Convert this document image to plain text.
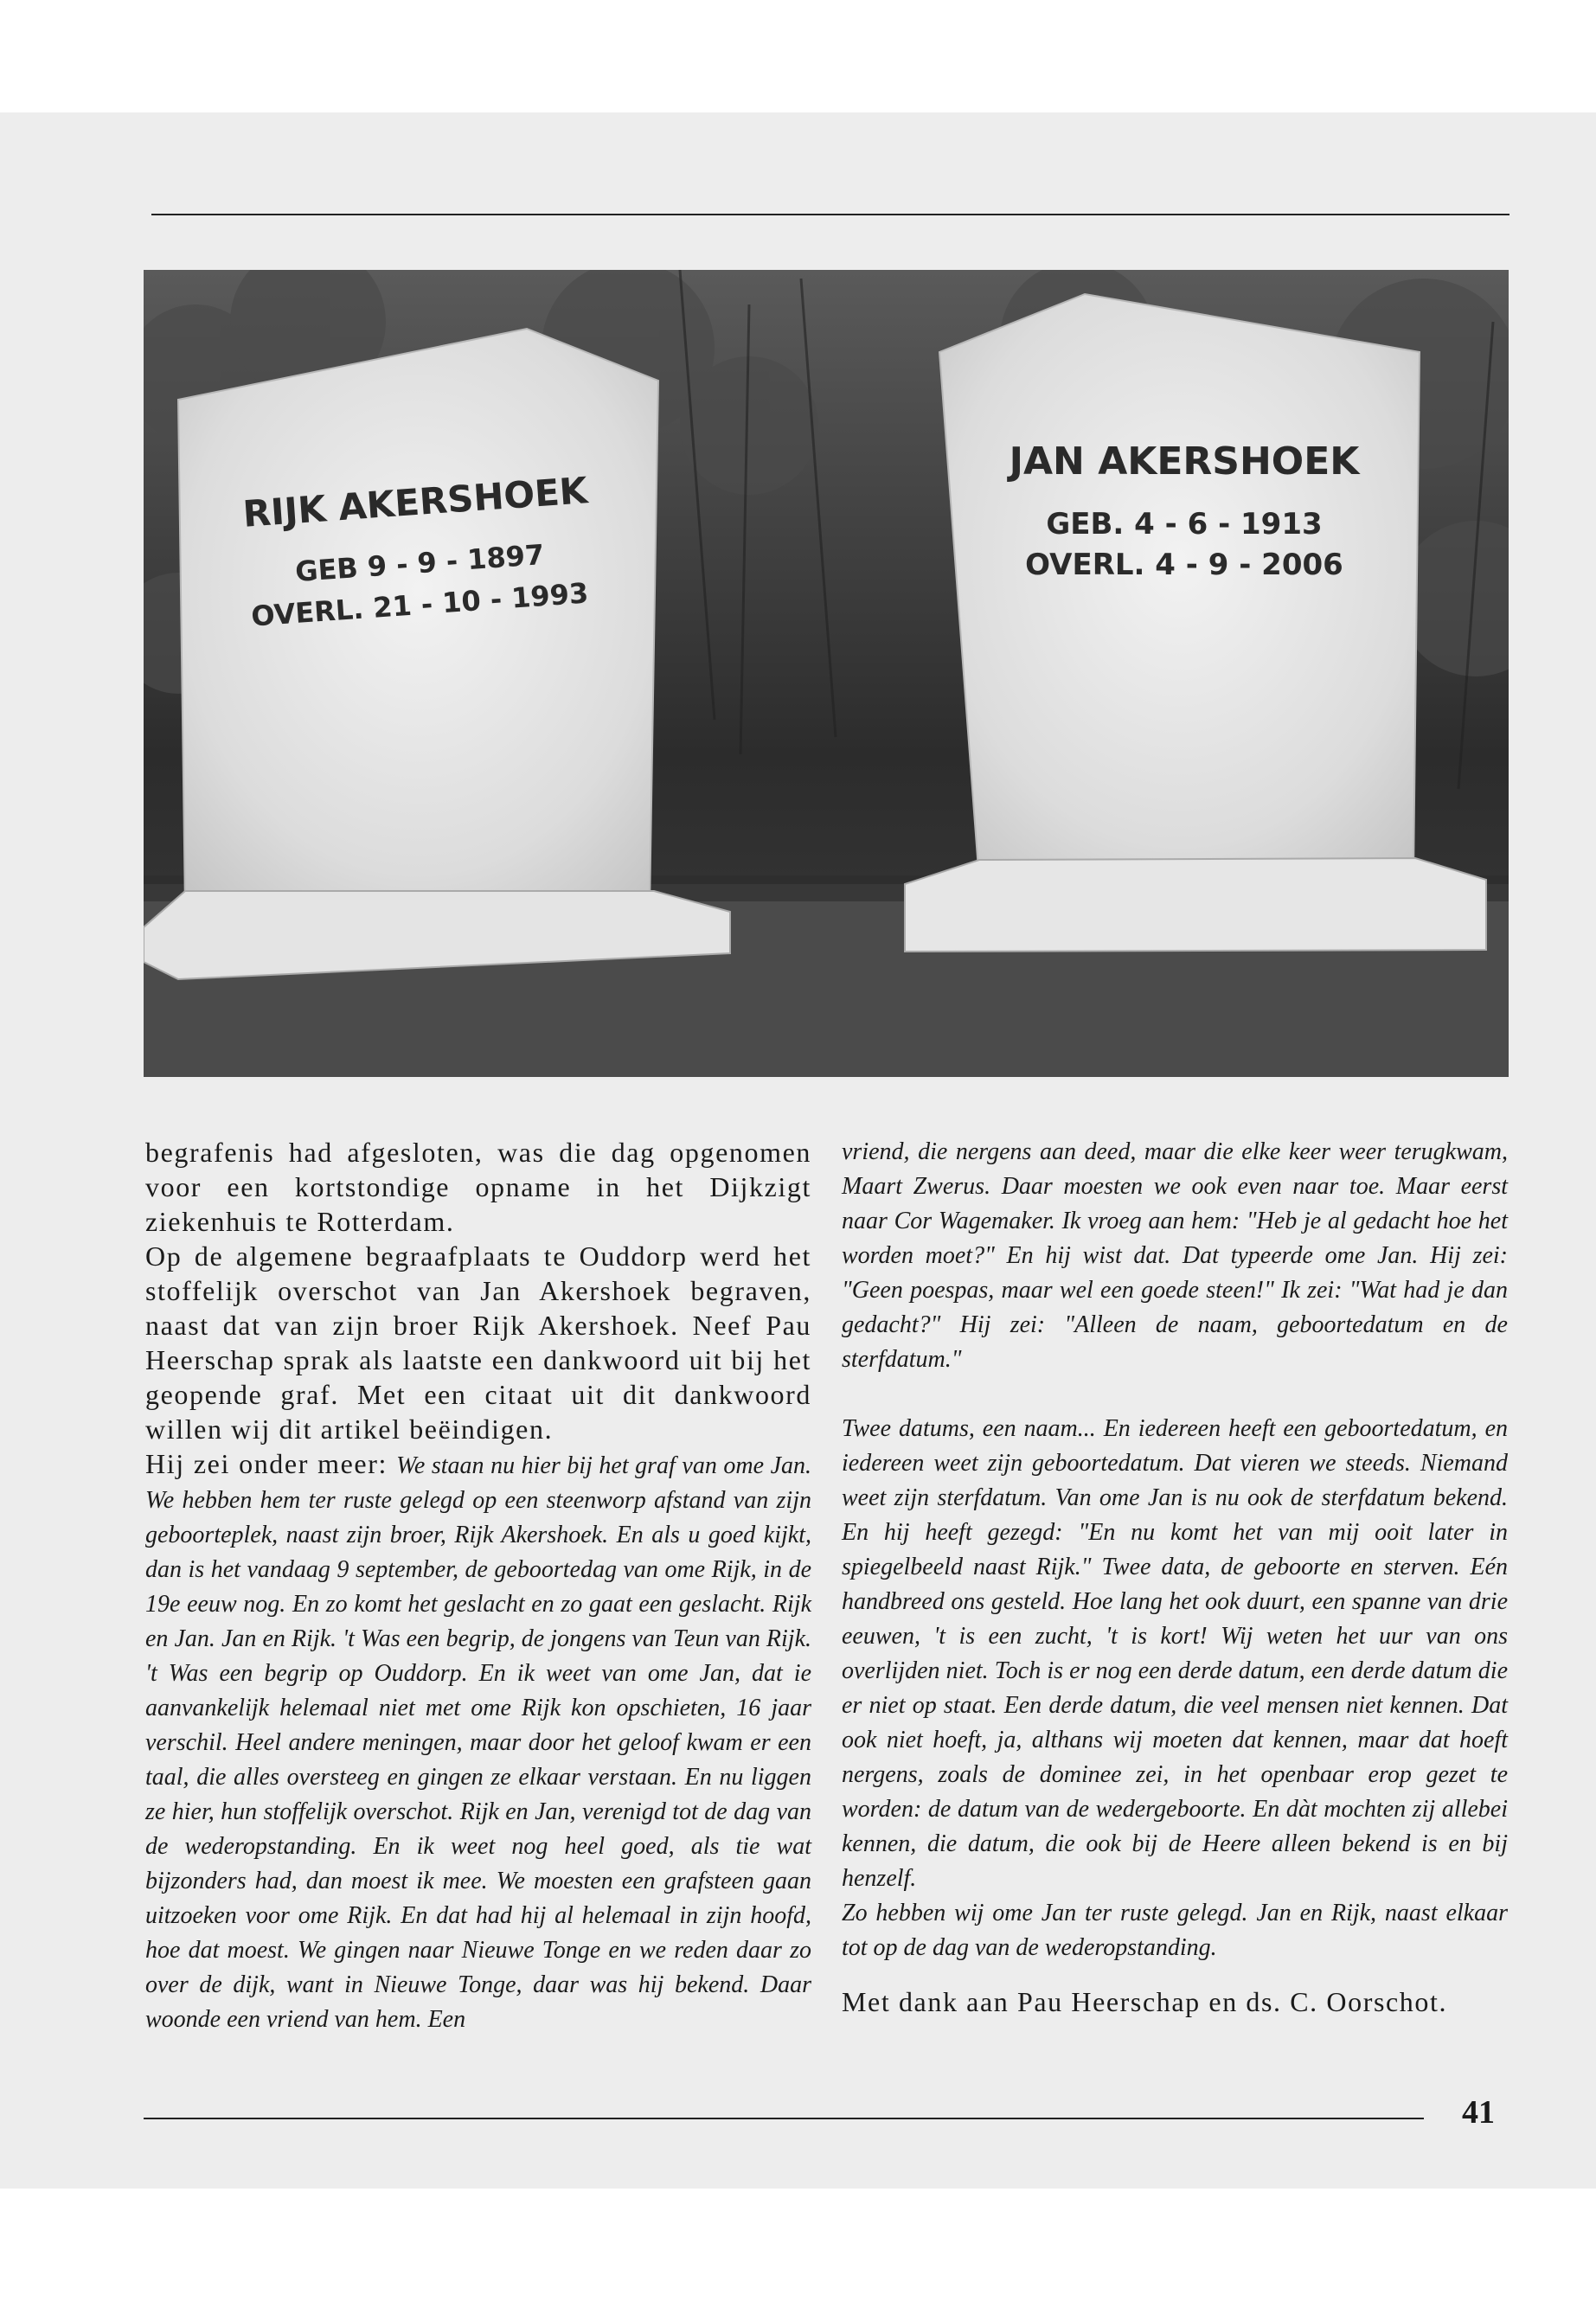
RIJK AKERSHOEK
GEB 9 - 9 - 1897
OVERL. 21 - 10 - 1993
JAN AKERSHOEK
GEB. 4 - 6 - 1913
OVERL. 4 - 9 - 2006

begrafenis had afgesloten, was die dag opgenomen voor een kortstondige opname in het Dijkzigt ziekenhuis te Rotterdam.

Op de algemene begraafplaats te Ouddorp werd het stoffelijk overschot van Jan Akershoek begraven, naast dat van zijn broer Rijk Akershoek. Neef Pau Heerschap sprak als laatste een dankwoord uit bij het geopende graf. Met een citaat uit dit dankwoord willen wij dit artikel beëindigen.

Hij zei onder meer: We staan nu hier bij het graf van ome Jan. We hebben hem ter ruste gelegd op een steenworp afstand van zijn geboorteplek, naast zijn broer, Rijk Akershoek. En als u goed kijkt, dan is het vandaag 9 september, de geboortedag van ome Rijk, in de 19e eeuw nog. En zo komt het geslacht en zo gaat een geslacht. Rijk en Jan. Jan en Rijk. 't Was een begrip, de jongens van Teun van Rijk. 't Was een begrip op Ouddorp. En ik weet van ome Jan, dat ie aanvankelijk helemaal niet met ome Rijk kon opschieten, 16 jaar verschil. Heel andere meningen, maar door het geloof kwam er een taal, die alles oversteeg en gingen ze elkaar verstaan. En nu liggen ze hier, hun stoffelijk overschot. Rijk en Jan, verenigd tot de dag van de wederopstanding. En ik weet nog heel goed, als tie wat bijzonders had, dan moest ik mee. We moesten een grafsteen gaan uitzoeken voor ome Rijk. En dat had hij al helemaal in zijn hoofd, hoe dat moest. We gingen naar Nieuwe Tonge en we reden daar zo over de dijk, want in Nieuwe Tonge, daar was hij bekend. Daar woonde een vriend van hem. Een

vriend, die nergens aan deed, maar die elke keer weer terugkwam, Maart Zwerus. Daar moesten we ook even naar toe. Maar eerst naar Cor Wagemaker. Ik vroeg aan hem: "Heb je al gedacht hoe het worden moet?" En hij wist dat. Dat typeerde ome Jan. Hij zei: "Geen poespas, maar wel een goede steen!" Ik zei: "Wat had je dan gedacht?" Hij zei: "Alleen de naam, geboortedatum en de sterfdatum."

Twee datums, een naam... En iedereen heeft een geboortedatum, en iedereen weet zijn geboortedatum. Dat vieren we steeds. Niemand weet zijn sterfdatum. Van ome Jan is nu ook de sterfdatum bekend. En hij heeft gezegd: "En nu komt het van mij ooit later in spiegelbeeld naast Rijk." Twee data, de geboorte en sterven. Eén handbreed ons gesteld. Hoe lang het ook duurt, een spanne van drie eeuwen, 't is een zucht, 't is kort! Wij weten het uur van ons overlijden niet. Toch is er nog een derde datum, een derde datum die er niet op staat. Een derde datum, die veel mensen niet kennen. Dat ook niet hoeft, ja, althans wij moeten dat kennen, maar dat hoeft nergens, zoals de dominee zei, in het openbaar erop gezet te worden: de datum van de wedergeboorte. En dàt mochten zij allebei kennen, die datum, die ook bij de Heere alleen bekend is en bij henzelf.

Zo hebben wij ome Jan ter ruste gelegd. Jan en Rijk, naast elkaar tot op de dag van de wederopstanding.

Met dank aan Pau Heerschap en ds. C. Oorschot.

41
